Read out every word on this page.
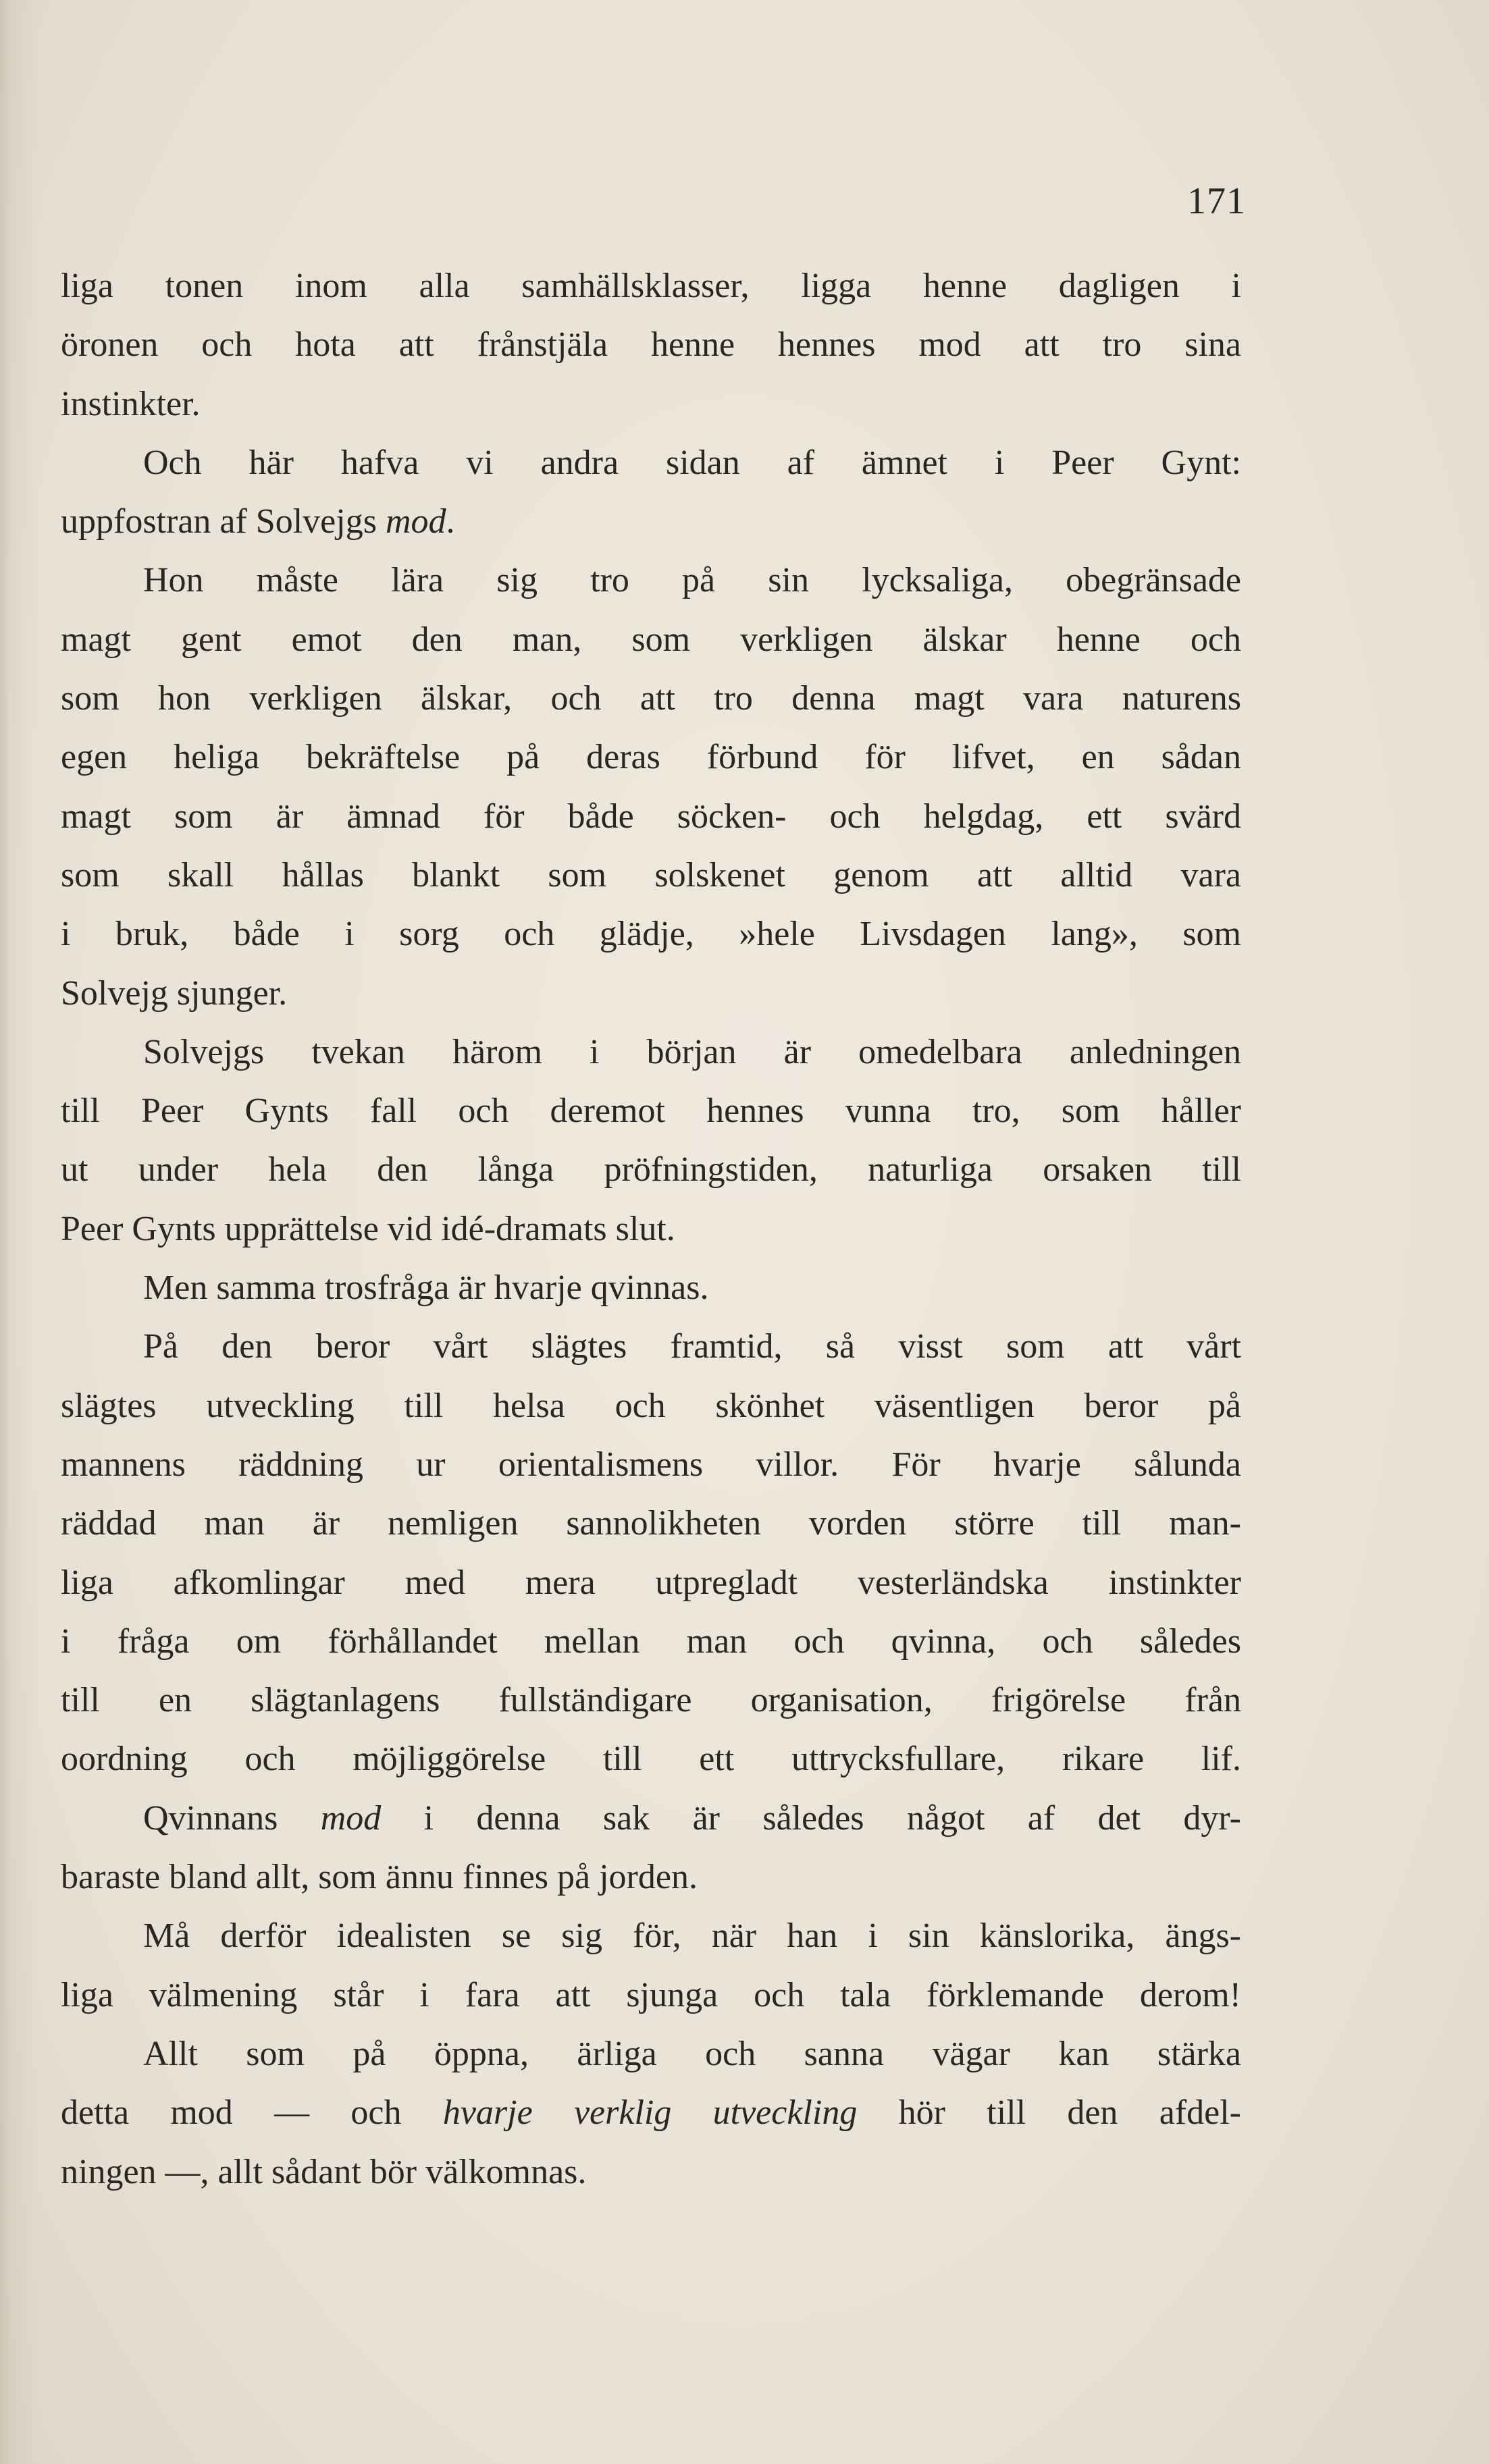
171
liga tonen inom alla samhällsklasser, ligga henne dagligen i
öronen och hota att frånstjäla henne hennes mod att tro sina
instinkter.
Och här hafva vi andra sidan af ämnet i Peer Gynt:
uppfostran af Solvejgs mod.
Hon måste lära sig tro på sin lycksaliga, obegränsade
magt gent emot den man, som verkligen älskar henne och
som hon verkligen älskar, och att tro denna magt vara naturens
egen heliga bekräftelse på deras förbund för lifvet, en sådan
magt som är ämnad för både söcken- och helgdag, ett svärd
som skall hållas blankt som solskenet genom att alltid vara
i bruk, både i sorg och glädje, »hele Livsdagen lang», som
Solvejg sjunger.
Solvejgs tvekan härom i början är omedelbara anledningen
till Peer Gynts fall och deremot hennes vunna tro, som håller
ut under hela den långa pröfningstiden, naturliga orsaken till
Peer Gynts upprättelse vid idé-dramats slut.
Men samma trosfråga är hvarje qvinnas.
På den beror vårt slägtes framtid, så visst som att vårt
slägtes utveckling till helsa och skönhet väsentligen beror på
mannens räddning ur orientalismens villor. För hvarje sålunda
räddad man är nemligen sannolikheten vorden större till man-
liga afkomlingar med mera utpregladt vesterländska instinkter
i fråga om förhållandet mellan man och qvinna, och således
till en slägtanlagens fullständigare organisation, frigörelse från
oordning och möjliggörelse till ett uttrycksfullare, rikare lif.
Qvinnans mod i denna sak är således något af det dyr-
baraste bland allt, som ännu finnes på jorden.
Må derför idealisten se sig för, när han i sin känslorika, ängs-
liga välmening står i fara att sjunga och tala förklemande derom!
Allt som på öppna, ärliga och sanna vägar kan stärka
detta mod — och hvarje verklig utveckling hör till den afdel-
ningen —, allt sådant bör välkomnas.
